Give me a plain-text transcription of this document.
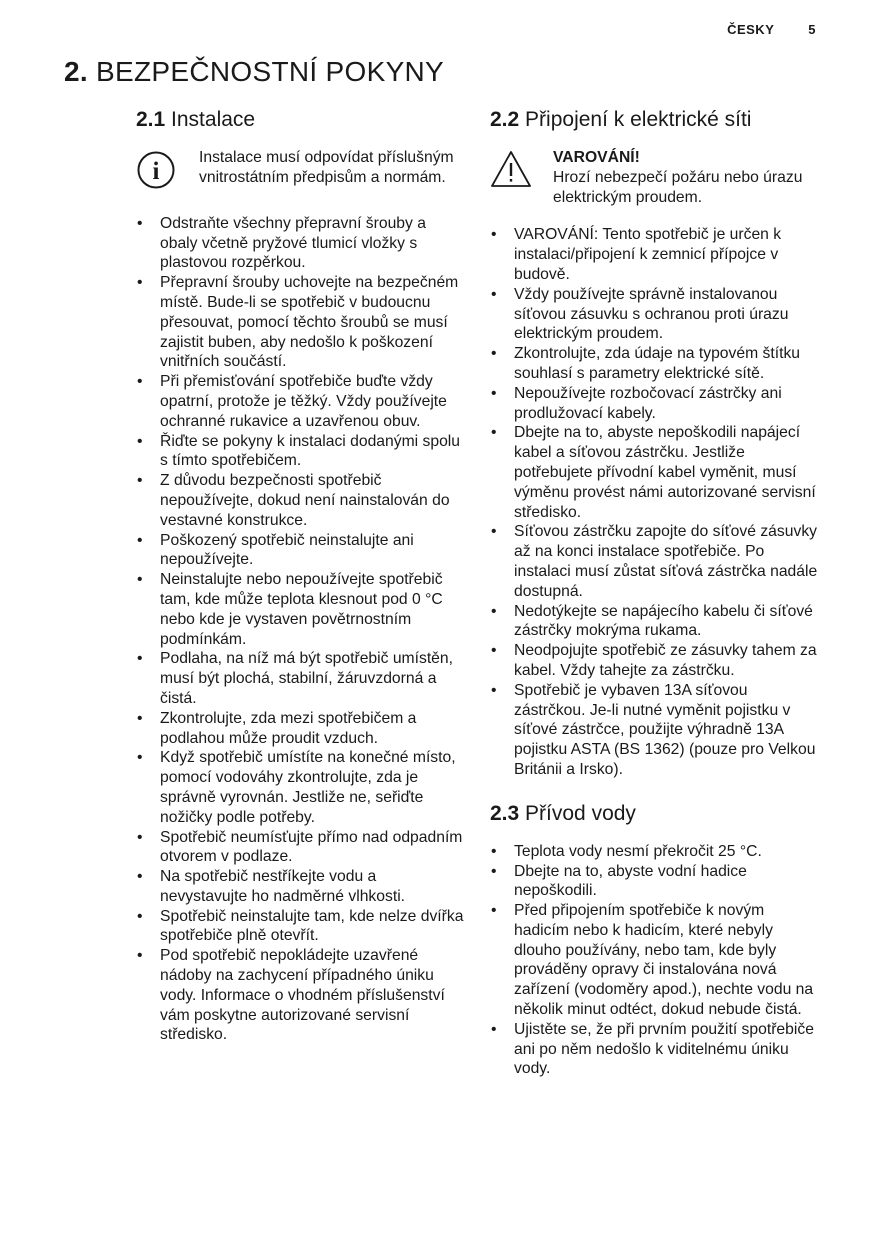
ČESKY	5
2. BEZPEČNOSTNÍ POKYNY
2.1 Instalace
i
Instalace musí odpovídat příslušným vnitrostátním předpisům a normám.
• Odstraňte všechny přepravní šrouby a obaly včetně pryžové tlumicí vložky s plastovou rozpěrkou.
• Přepravní šrouby uchovejte na bezpečném místě. Bude-li se spotřebič v budoucnu přesouvat, pomocí těchto šroubů se musí zajistit buben, aby nedošlo k poškození vnitřních součástí.
• Při přemisťování spotřebiče buďte vždy opatrní, protože je těžký. Vždy používejte ochranné rukavice a uzavřenou obuv.
• Řiďte se pokyny k instalaci dodanými spolu s tímto spotřebičem.
• Z důvodu bezpečnosti spotřebič nepoužívejte, dokud není nainstalován do vestavné konstrukce.
• Poškozený spotřebič neinstalujte ani nepoužívejte.
• Neinstalujte nebo nepoužívejte spotřebič tam, kde může teplota klesnout pod 0 °C nebo kde je vystaven povětrnostním podmínkám.
• Podlaha, na níž má být spotřebič umístěn, musí být plochá, stabilní, žáruvzdorná a čistá.
• Zkontrolujte, zda mezi spotřebičem a podlahou může proudit vzduch.
• Když spotřebič umístíte na konečné místo, pomocí vodováhy zkontrolujte, zda je správně vyrovnán. Jestliže ne, seřiďte nožičky podle potřeby.
• Spotřebič neumísťujte přímo nad odpadním otvorem v podlaze.
• Na spotřebič nestříkejte vodu a nevystavujte ho nadměrné vlhkosti.
• Spotřebič neinstalujte tam, kde nelze dvířka spotřebiče plně otevřít.
• Pod spotřebič nepokládejte uzavřené nádoby na zachycení případného úniku vody. Informace o vhodném příslušenství vám poskytne autorizované servisní středisko.
2.2 Připojení k elektrické síti
VAROVÁNÍ!
Hrozí nebezpečí požáru nebo úrazu elektrickým proudem.
• VAROVÁNÍ: Tento spotřebič je určen k instalaci/připojení k zemnicí přípojce v budově.
• Vždy používejte správně instalovanou síťovou zásuvku s ochranou proti úrazu elektrickým proudem.
• Zkontrolujte, zda údaje na typovém štítku souhlasí s parametry elektrické sítě.
• Nepoužívejte rozbočovací zástrčky ani prodlužovací kabely.
• Dbejte na to, abyste nepoškodili napájecí kabel a síťovou zástrčku. Jestliže potřebujete přívodní kabel vyměnit, musí výměnu provést námi autorizované servisní středisko.
• Síťovou zástrčku zapojte do síťové zásuvky až na konci instalace spotřebiče. Po instalaci musí zůstat síťová zástrčka nadále dostupná.
• Nedotýkejte se napájecího kabelu či síťové zástrčky mokrýma rukama.
• Neodpojujte spotřebič ze zásuvky tahem za kabel. Vždy tahejte za zástrčku.
• Spotřebič je vybaven 13A síťovou zástrčkou. Je-li nutné vyměnit pojistku v síťové zástrčce, použijte výhradně 13A pojistku ASTA (BS 1362) (pouze pro Velkou Británii a Irsko).
2.3 Přívod vody
• Teplota vody nesmí překročit 25 °C.
• Dbejte na to, abyste vodní hadice nepoškodili.
• Před připojením spotřebiče k novým hadicím nebo k hadicím, které nebyly dlouho používány, nebo tam, kde byly prováděny opravy či instalována nová zařízení (vodoměry apod.), nechte vodu na několik minut odtéct, dokud nebude čistá.
• Ujistěte se, že při prvním použití spotřebiče ani po něm nedošlo k viditelnému úniku vody.
